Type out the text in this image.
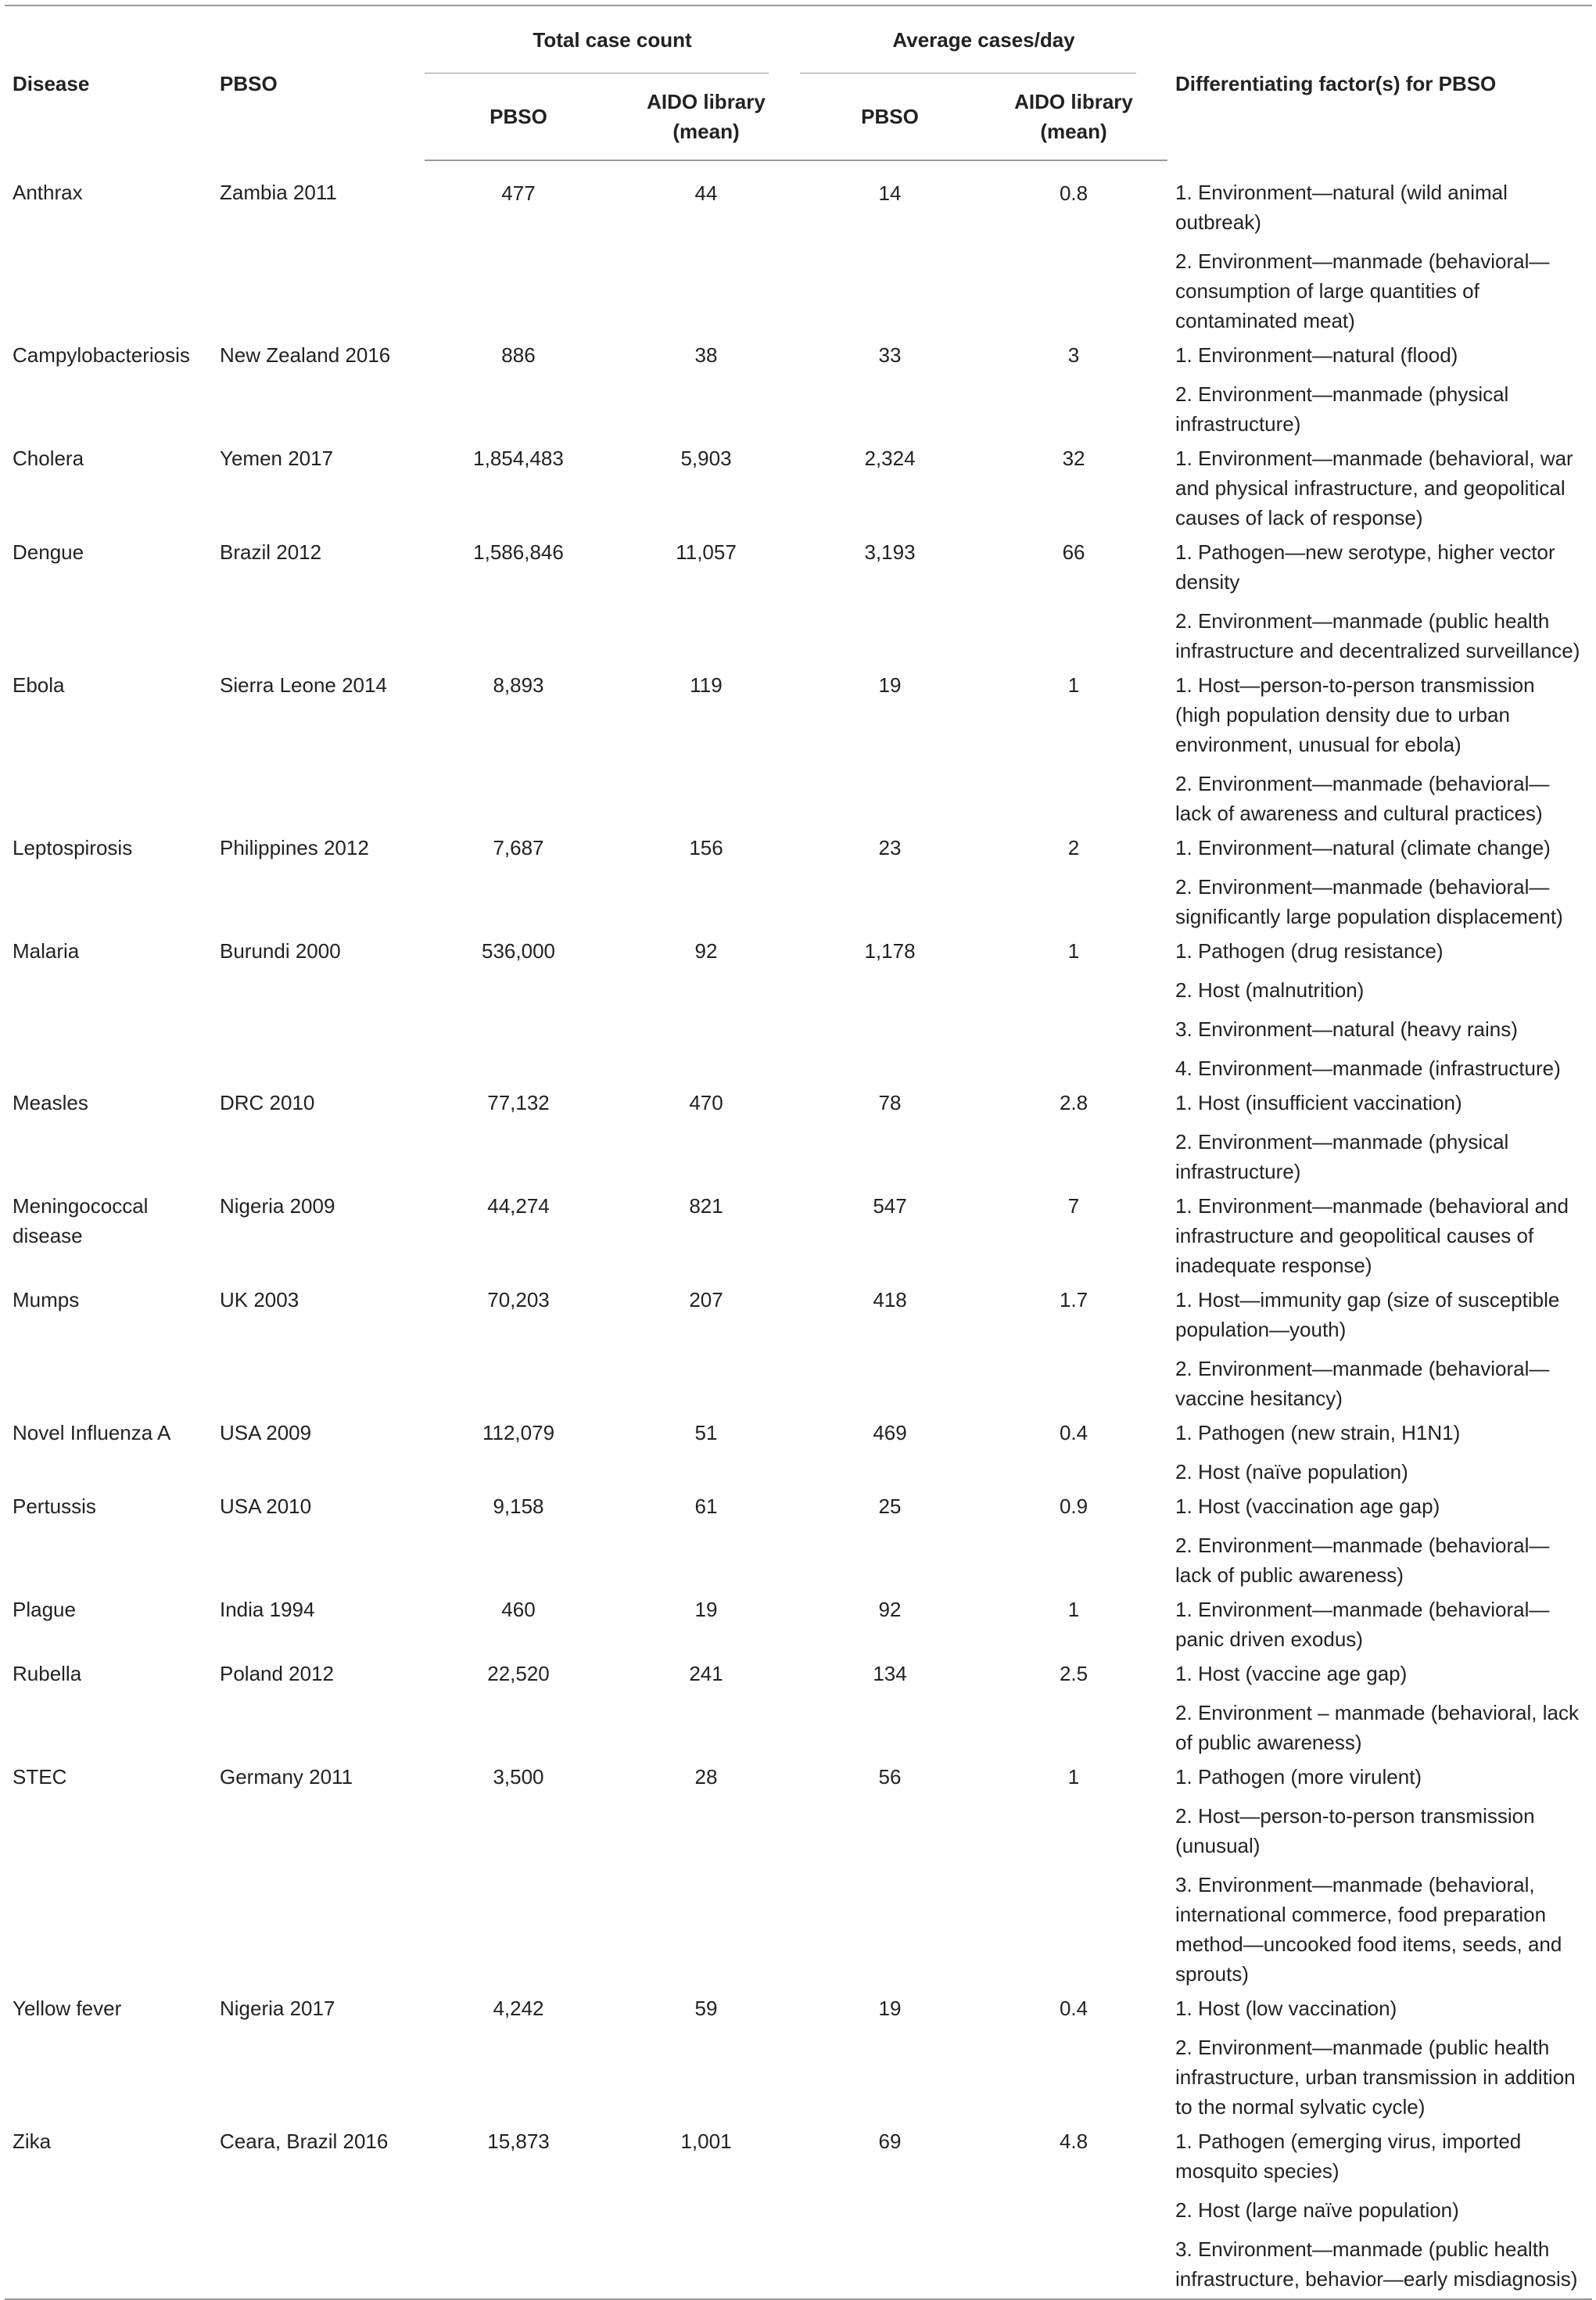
Disease	PBSO	Total case count		Average cases/day		Differentiating factor(s) for PBSO
		PBSO	AIDO library (mean)	PBSO	AIDO library (mean)	
Anthrax	Zambia 2011	477	44	14	0.8	1. Environment—natural (wild animal outbreak)
2. Environment—manmade (behavioral—consumption of large quantities of contaminated meat)

Campylobacteriosis	New Zealand 2016	886	38	33	3	1. Environment—natural (flood)
2. Environment—manmade (physical infrastructure)

Cholera	Yemen 2017	1,854,483	5,903	2,324	32	1. Environment—manmade (behavioral, war and physical infrastructure, and geopolitical causes of lack of response)

Dengue	Brazil 2012	1,586,846	11,057	3,193	66	1. Pathogen—new serotype, higher vector density
2. Environment—manmade (public health infrastructure and decentralized surveillance)

Ebola	Sierra Leone 2014	8,893	119	19	1	1. Host—person-to-person transmission (high population density due to urban environment, unusual for ebola)
2. Environment—manmade (behavioral—lack of awareness and cultural practices)

Leptospirosis	Philippines 2012	7,687	156	23	2	1. Environment—natural (climate change)
2. Environment—manmade (behavioral—significantly large population displacement)

Malaria	Burundi 2000	536,000	92	1,178	1	1. Pathogen (drug resistance)
2. Host (malnutrition)
3. Environment—natural (heavy rains)
4. Environment—manmade (infrastructure)

Measles	DRC 2010	77,132	470	78	2.8	1. Host (insufficient vaccination)
2. Environment—manmade (physical infrastructure)

Meningococcal disease	Nigeria 2009	44,274	821	547	7	1. Environment—manmade (behavioral and infrastructure and geopolitical causes of inadequate response)

Mumps	UK 2003	70,203	207	418	1.7	1. Host—immunity gap (size of susceptible population—youth)
2. Environment—manmade (behavioral—vaccine hesitancy)

Novel Influenza A	USA 2009	112,079	51	469	0.4	1. Pathogen (new strain, H1N1)
2. Host (naïve population)

Pertussis	USA 2010	9,158	61	25	0.9	1. Host (vaccination age gap)
2. Environment—manmade (behavioral—lack of public awareness)

Plague	India 1994	460	19	92	1	1. Environment—manmade (behavioral—panic driven exodus)

Rubella	Poland 2012	22,520	241	134	2.5	1. Host (vaccine age gap)
2. Environment – manmade (behavioral, lack of public awareness)

STEC	Germany 2011	3,500	28	56	1	1. Pathogen (more virulent)
2. Host—person-to-person transmission (unusual)
3. Environment—manmade (behavioral, international commerce, food preparation method—uncooked food items, seeds, and sprouts)

Yellow fever	Nigeria 2017	4,242	59	19	0.4	1. Host (low vaccination)
2. Environment—manmade (public health infrastructure, urban transmission in addition to the normal sylvatic cycle)

Zika	Ceara, Brazil 2016	15,873	1,001	69	4.8	1. Pathogen (emerging virus, imported mosquito species)
2. Host (large naïve population)
3. Environment—manmade (public health infrastructure, behavior—early misdiagnosis)
